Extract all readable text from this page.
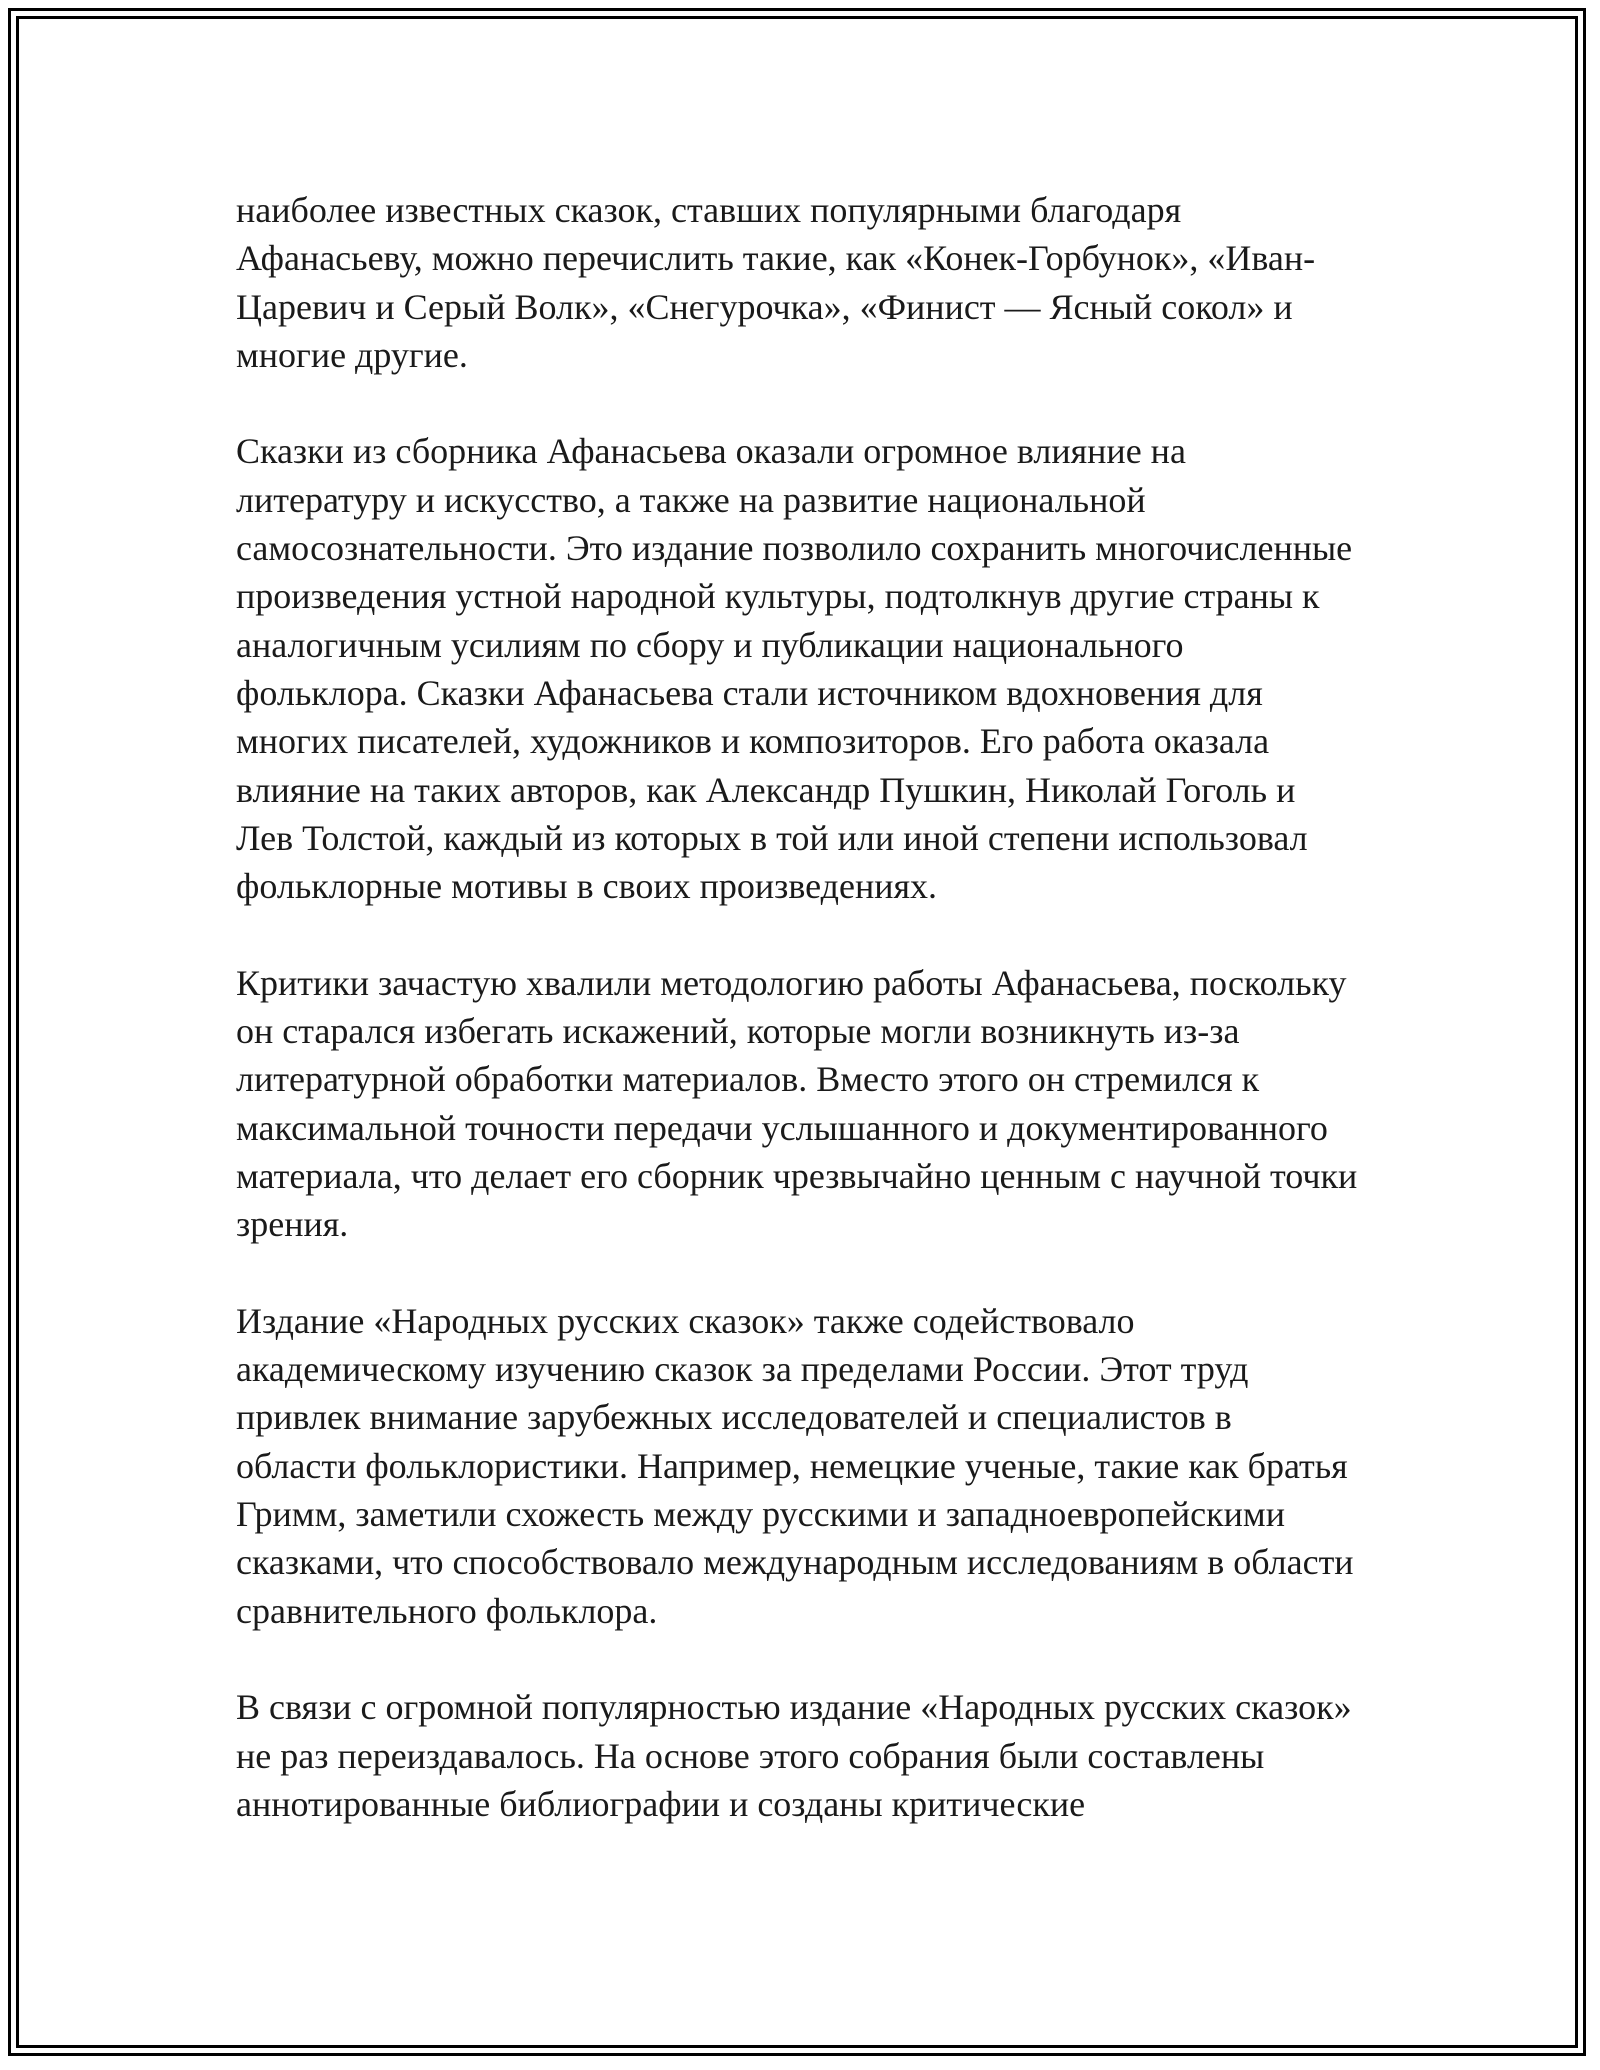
наиболее известных сказок, ставших популярными благодаря Афанасьеву, можно перечислить такие, как «Конек-Горбунок», «Иван-Царевич и Серый Волк», «Снегурочка», «Финист — Ясный сокол» и многие другие.

Сказки из сборника Афанасьева оказали огромное влияние на литературу и искусство, а также на развитие национальной самосознательности. Это издание позволило сохранить многочисленные произведения устной народной культуры, подтолкнув другие страны к аналогичным усилиям по сбору и публикации национального фольклора. Сказки Афанасьева стали источником вдохновения для многих писателей, художников и композиторов. Его работа оказала влияние на таких авторов, как Александр Пушкин, Николай Гоголь и Лев Толстой, каждый из которых в той или иной степени использовал фольклорные мотивы в своих произведениях.

Критики зачастую хвалили методологию работы Афанасьева, поскольку он старался избегать искажений, которые могли возникнуть из-за литературной обработки материалов. Вместо этого он стремился к максимальной точности передачи услышанного и документированного материала, что делает его сборник чрезвычайно ценным с научной точки зрения.

Издание «Народных русских сказок» также содействовало академическому изучению сказок за пределами России. Этот труд привлек внимание зарубежных исследователей и специалистов в области фольклористики. Например, немецкие ученые, такие как братья Гримм, заметили схожесть между русскими и западноевропейскими сказками, что способствовало международным исследованиям в области сравнительного фольклора.

В связи с огромной популярностью издание «Народных русских сказок» не раз переиздавалось. На основе этого собрания были составлены аннотированные библиографии и созданы критические
